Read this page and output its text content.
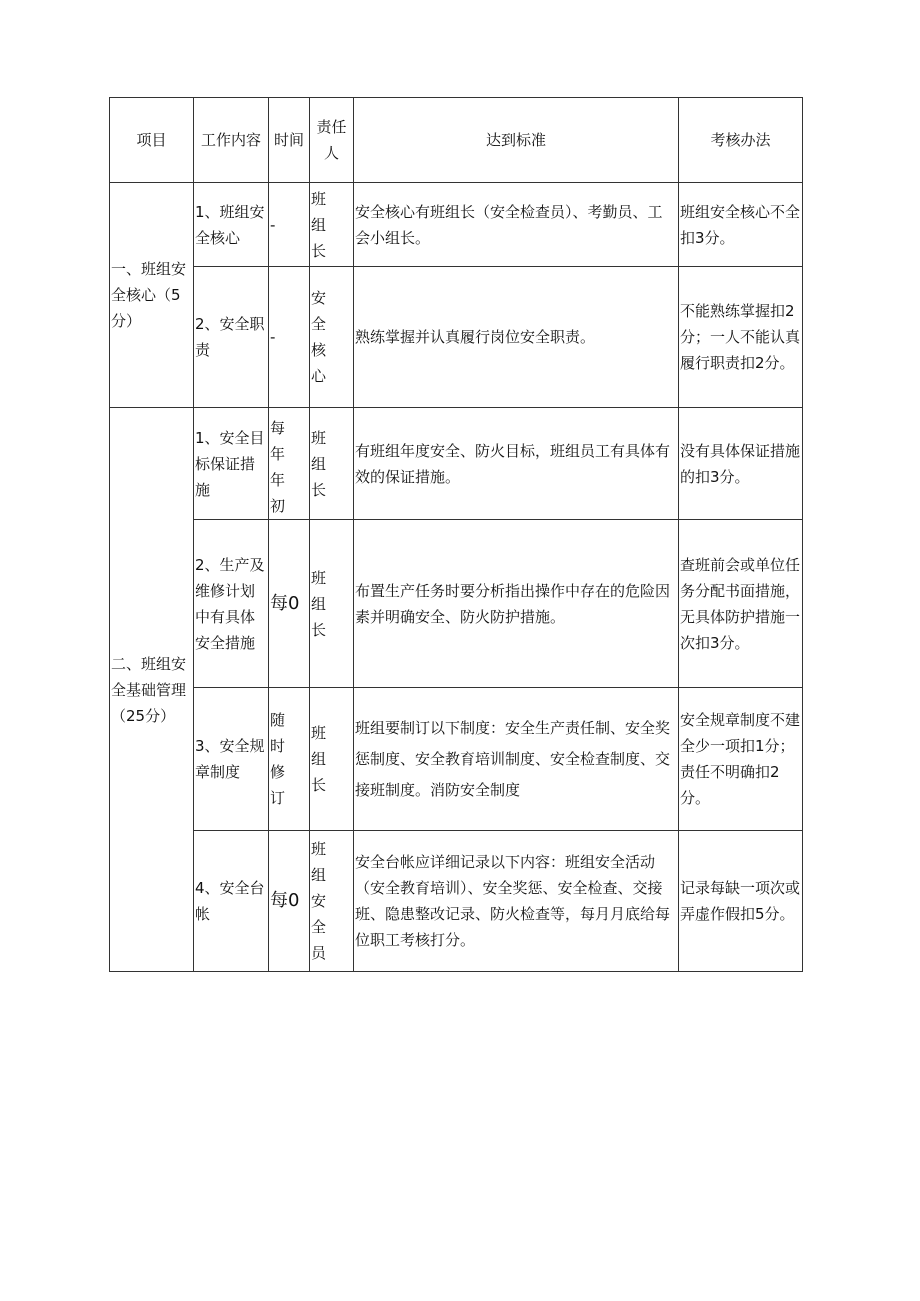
项目	工作内容	时间	责任人	达到标准	考核办法
一、班组安全核心（5分）	1、班组安全核心	-	班 组长	安全核心有班组长（安全检查员）、考勤员、工会小组长。	班组安全核心不全扣3分。
	2、安全职责	-	安 全核心	熟练掌握并认真履行岗位安全职责。	不能熟练掌握扣2分；一人不能认真履行职责扣2分。
二、班组安全基础管理（25分）	1、安全目标保证措施	每 年年初	班 组长	有班组年度安全、防火目标，班组员工有具体有效的保证措施。	没有具体保证措施的扣3分。
	2、生产及维修计划中有具体安全措施	每0	班 组长	布置生产任务时要分析指出操作中存在的危险因素并明确安全、防火防护措施。	查班前会或单位任务分配书面措施，无具体防护措施一次扣3分。
	3、安全规章制度	随 时修订	班 组长	班组要制订以下制度：安全生产责任制、安全奖惩制度、安全教育培训制度、安全检查制度、交接班制度。消防安全制度	安全规章制度不建全少一项扣1分；责任不明确扣2分。
	4、安全台帐	每0	班 组安 全员	安全台帐应详细记录以下内容：班组安全活动（安全教育培训）、安全奖惩、安全检查、交接班、隐患整改记录、防火检查等，每月月底给每位职工考核打分。	记录每缺一项次或弄虚作假扣5分。
